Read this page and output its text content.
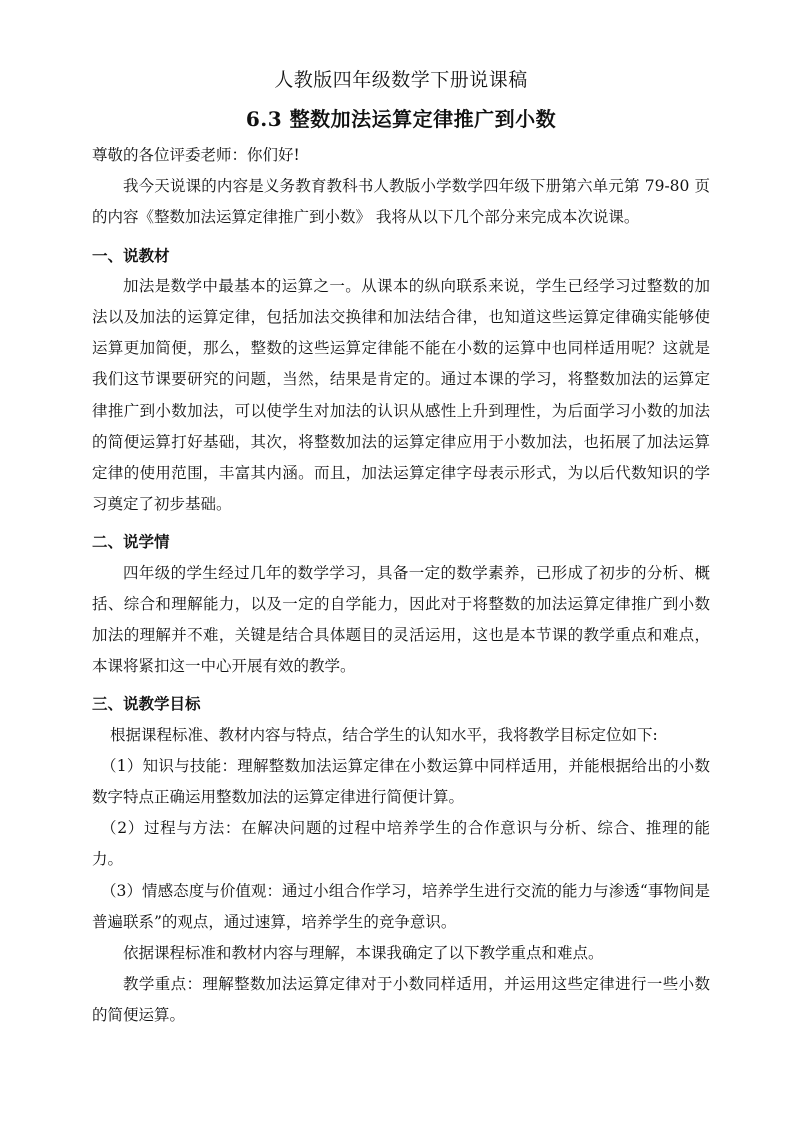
人教版四年级数学下册说课稿
6.3 整数加法运算定律推广到小数

尊敬的各位评委老师：你们好!

我今天说课的内容是义务教育教科书人教版小学数学四年级下册第六单元第 79-80 页的内容《整数加法运算定律推广到小数》 我将从以下几个部分来完成本次说课。

一、说教材

加法是数学中最基本的运算之一。从课本的纵向联系来说，学生已经学习过整数的加法以及加法的运算定律，包括加法交换律和加法结合律，也知道这些运算定律确实能够使运算更加简便，那么，整数的这些运算定律能不能在小数的运算中也同样适用呢？这就是我们这节课要研究的问题，当然，结果是肯定的。通过本课的学习，将整数加法的运算定律推广到小数加法，可以使学生对加法的认识从感性上升到理性，为后面学习小数的加法的简便运算打好基础，其次，将整数加法的运算定律应用于小数加法，也拓展了加法运算定律的使用范围，丰富其内涵。而且，加法运算定律字母表示形式，为以后代数知识的学习奠定了初步基础。

二、说学情

四年级的学生经过几年的数学学习，具备一定的数学素养，已形成了初步的分析、概括、综合和理解能力，以及一定的自学能力，因此对于将整数的加法运算定律推广到小数加法的理解并不难，关键是结合具体题目的灵活运用，这也是本节课的教学重点和难点，本课将紧扣这一中心开展有效的教学。

三、说教学目标

根据课程标准、教材内容与特点，结合学生的认知水平，我将教学目标定位如下:

（1）知识与技能：理解整数加法运算定律在小数运算中同样适用，并能根据给出的小数数字特点正确运用整数加法的运算定律进行简便计算。

（2）过程与方法：在解决问题的过程中培养学生的合作意识与分析、综合、推理的能力。

（3）情感态度与价值观：通过小组合作学习，培养学生进行交流的能力与渗透“事物间是普遍联系”的观点，通过速算，培养学生的竞争意识。

依据课程标准和教材内容与理解，本课我确定了以下教学重点和难点。

教学重点：理解整数加法运算定律对于小数同样适用，并运用这些定律进行一些小数的简便运算。
